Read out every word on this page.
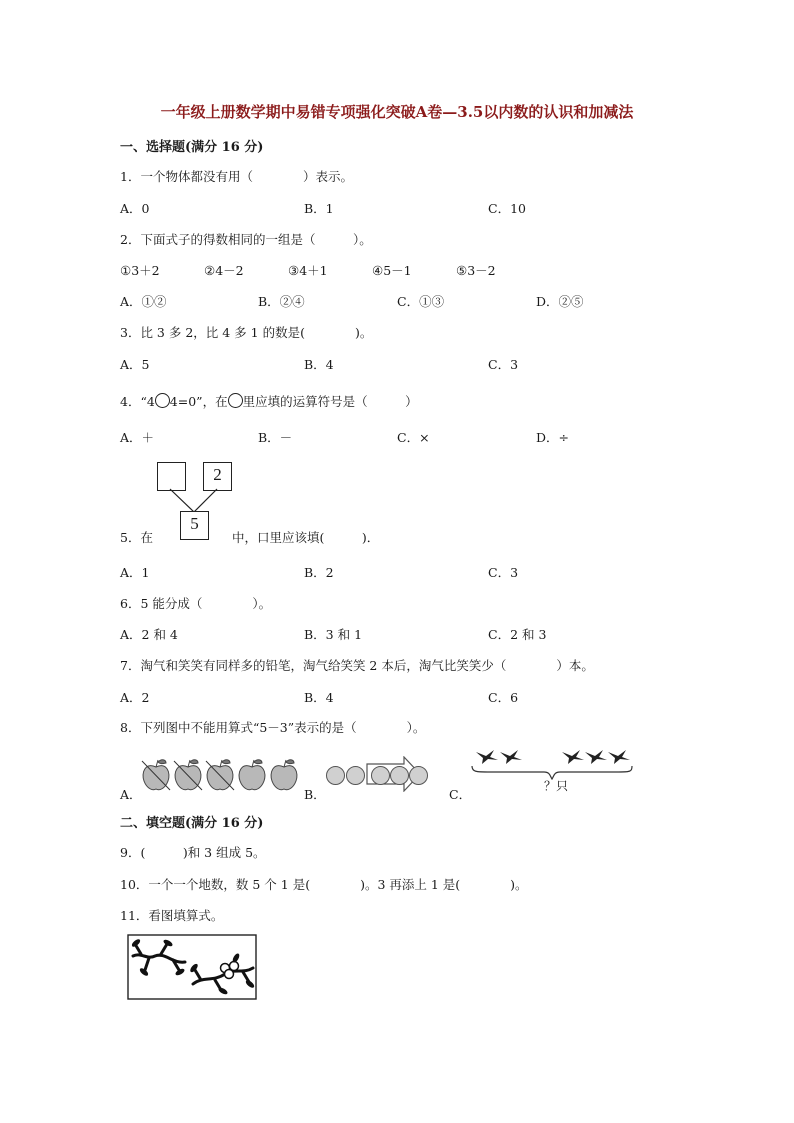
一年级上册数学期中易错专项强化突破A卷—3.5以内数的认识和加减法
一、选择题(满分 16 分)
1．一个物体都没有用（　　　　）表示。
A．0	B．1	C．10
2．下面式子的得数相同的一组是（　　　）。
①3＋2	②4－2	③4＋1	④5－1	⑤3－2
A．①②	B．②④	C．①③	D．②⑤
3．比 3 多 2，比 4 多 1 的数是(　　　　)。
A．5	B．4	C．3
4．“4 4=0”，在 里应填的运算符号是（　　　）
A．＋	B．－	C．×	D．÷
2
5
5．在	中，口里应该填(　　　)．
A．1	B．2	C．3
6．5 能分成（　　　　）。
A．2 和 4	B．3 和 1	C．2 和 3
7．淘气和笑笑有同样多的铅笔，淘气给笑笑 2 本后，淘气比笑笑少（　　　　）本。
A．2	B．4	C．6
8．下列图中不能用算式“5－3”表示的是（　　　　）。
A．	B．
？只
C．
二、填空题(满分 16 分)
9．(　　　)和 3 组成 5。
10．一个一个地数，数 5 个 1 是(　　　　)。3 再添上 1 是(　　　　)。
11．看图填算式。
